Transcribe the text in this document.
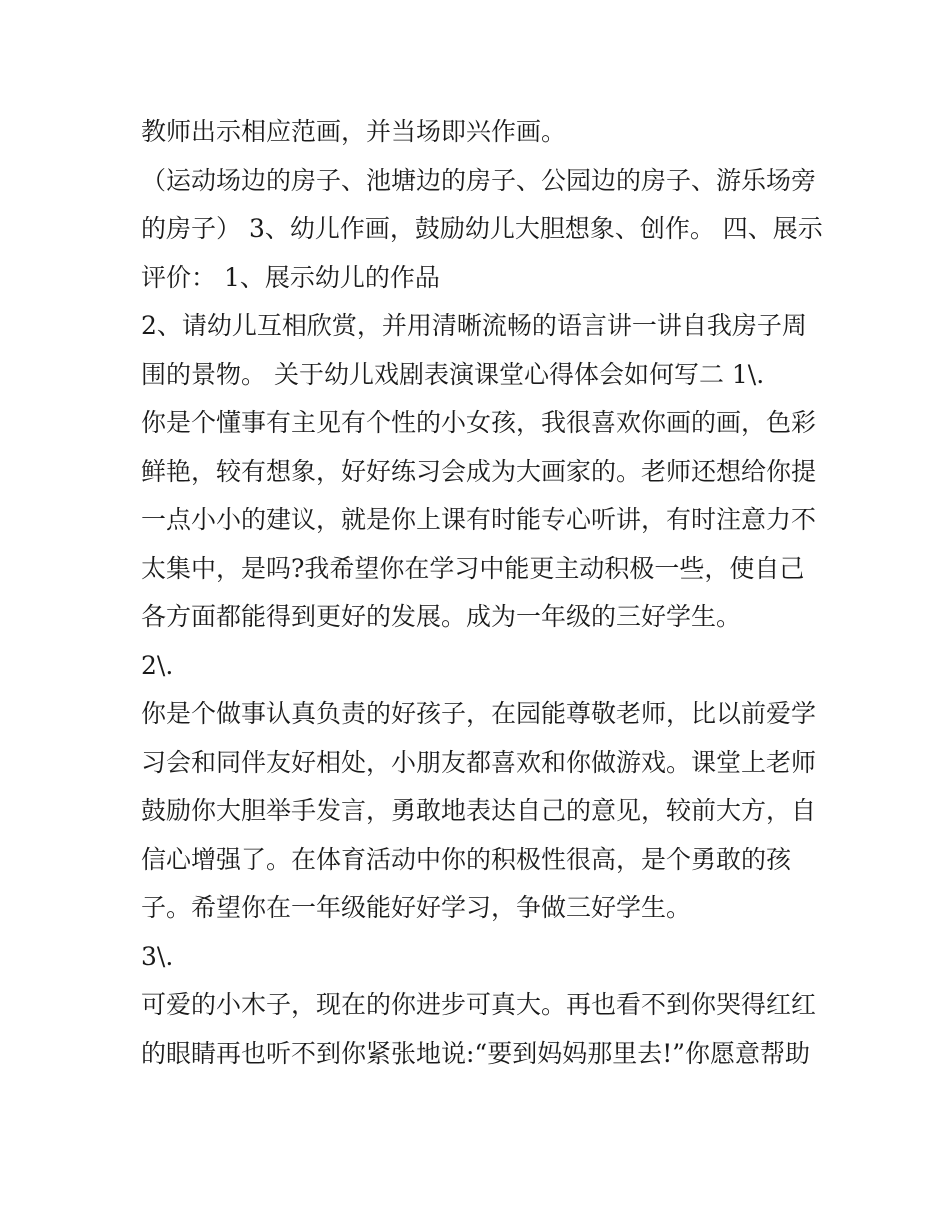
教师出示相应范画，并当场即兴作画。
（运动场边的房子、池塘边的房子、公园边的房子、游乐场旁
的房子） 3、幼儿作画，鼓励幼儿大胆想象、创作。 四、展示
评价： 1、展示幼儿的作品
2、请幼儿互相欣赏，并用清晰流畅的语言讲一讲自我房子周
围的景物。 关于幼儿戏剧表演课堂心得体会如何写二 1\.
你是个懂事有主见有个性的小女孩，我很喜欢你画的画，色彩
鲜艳，较有想象，好好练习会成为大画家的。老师还想给你提
一点小小的建议，就是你上课有时能专心听讲，有时注意力不
太集中，是吗?我希望你在学习中能更主动积极一些，使自己
各方面都能得到更好的发展。成为一年级的三好学生。
2\.
你是个做事认真负责的好孩子，在园能尊敬老师，比以前爱学
习会和同伴友好相处，小朋友都喜欢和你做游戏。课堂上老师
鼓励你大胆举手发言，勇敢地表达自己的意见，较前大方，自
信心增强了。在体育活动中你的积极性很高，是个勇敢的孩
子。希望你在一年级能好好学习，争做三好学生。
3\.
可爱的小木子，现在的你进步可真大。再也看不到你哭得红红
的眼睛再也听不到你紧张地说:“要到妈妈那里去!”你愿意帮助
